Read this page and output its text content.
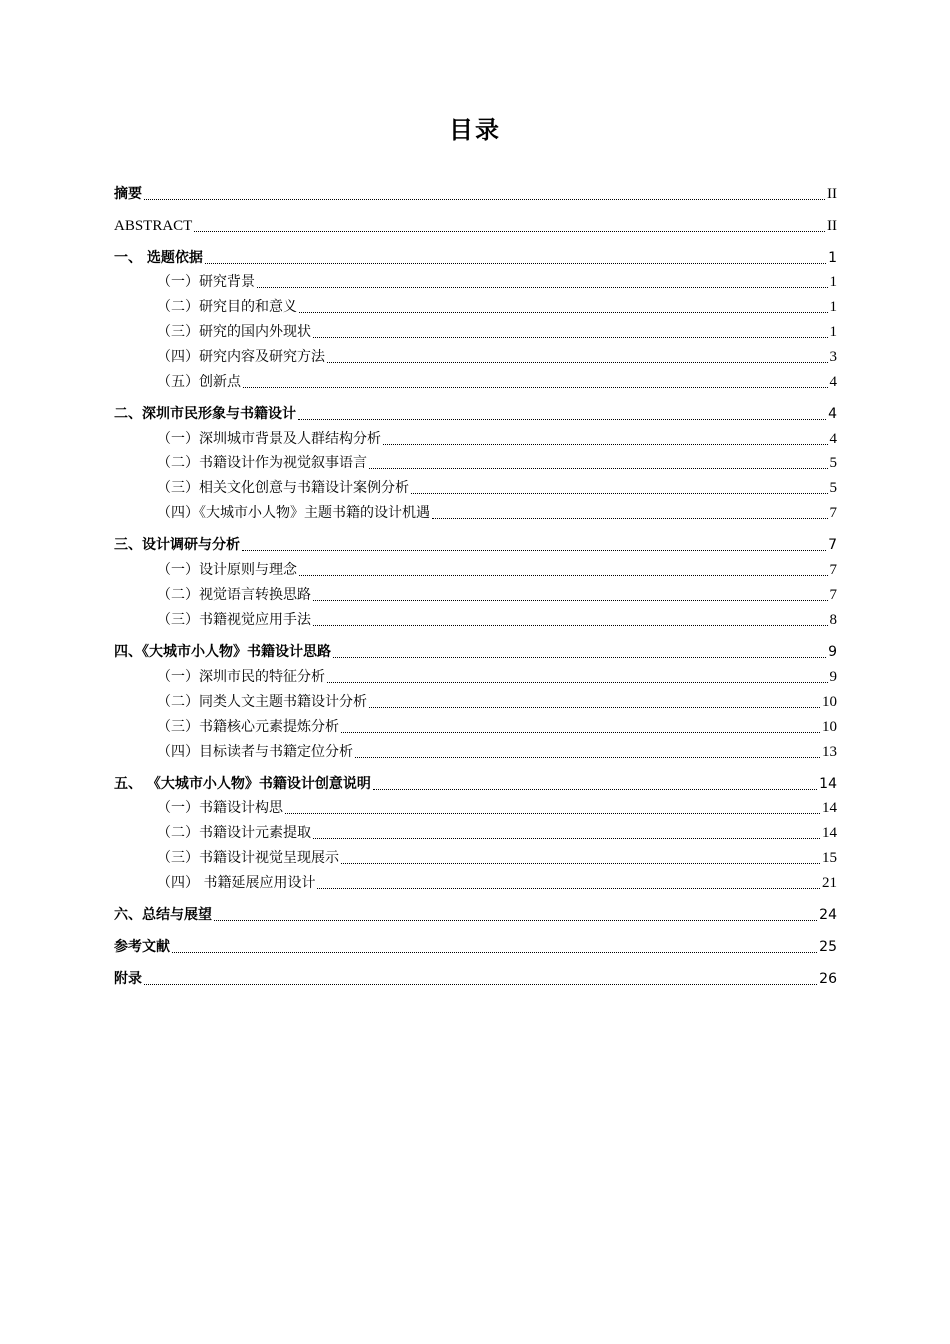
目录
摘要	II
ABSTRACT	II
一、 选题依据	1
（一）研究背景	1
（二）研究目的和意义	1
（三）研究的国内外现状	1
（四）研究内容及研究方法	3
（五）创新点	4
二、深圳市民形象与书籍设计	4
（一）深圳城市背景及人群结构分析	4
（二）书籍设计作为视觉叙事语言	5
（三）相关文化创意与书籍设计案例分析	5
（四）《大城市小人物》主题书籍的设计机遇	7
三、设计调研与分析	7
（一）设计原则与理念	7
（二）视觉语言转换思路	7
（三）书籍视觉应用手法	8
四、《大城市小人物》书籍设计思路	9
（一）深圳市民的特征分析	9
（二）同类人文主题书籍设计分析	10
（三）书籍核心元素提炼分析	10
（四）目标读者与书籍定位分析	13
五、 《大城市小人物》书籍设计创意说明	14
（一）书籍设计构思	14
（二）书籍设计元素提取	14
（三）书籍设计视觉呈现展示	15
（四） 书籍延展应用设计	21
六、总结与展望	24
参考文献	25
附录	26
